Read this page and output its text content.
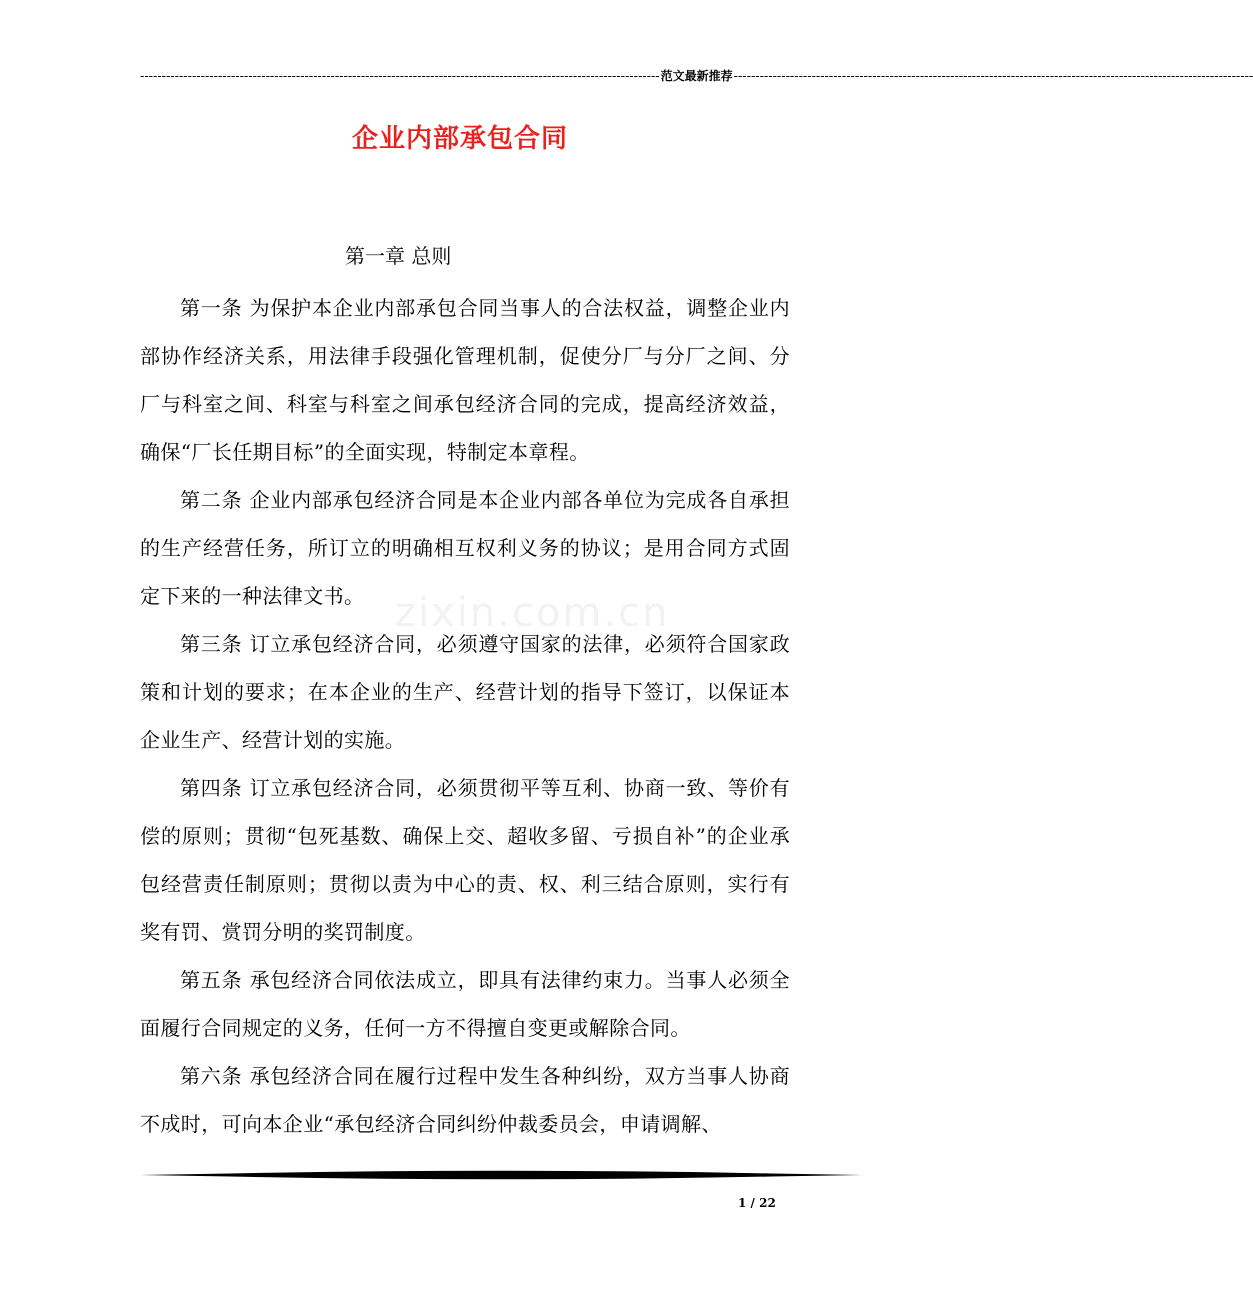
------------------------------------------------------------------------------------------------------------------------ 范文最新推荐 ------------------------------------------------------------------------------------------------------------------------
企业内部承包合同
第一章 总则
zixin.com.cn

第一条 为保护本企业内部承包合同当事人的合法权益，调整企业内部协作经济关系，用法律手段强化管理机制，促使分厂与分厂之间、分厂与科室之间、科室与科室之间承包经济合同的完成，提高经济效益，确保“厂长任期目标”的全面实现，特制定本章程。

第二条 企业内部承包经济合同是本企业内部各单位为完成各自承担的生产经营任务，所订立的明确相互权利义务的协议；是用合同方式固定下来的一种法律文书。

第三条 订立承包经济合同，必须遵守国家的法律，必须符合国家政策和计划的要求；在本企业的生产、经营计划的指导下签订，以保证本企业生产、经营计划的实施。

第四条 订立承包经济合同，必须贯彻平等互利、协商一致、等价有偿的原则；贯彻“包死基数、确保上交、超收多留、亏损自补”的企业承包经营责任制原则；贯彻以责为中心的责、权、利三结合原则，实行有奖有罚、赏罚分明的奖罚制度。

第五条 承包经济合同依法成立，即具有法律约束力。当事人必须全面履行合同规定的义务，任何一方不得擅自变更或解除合同。

第六条 承包经济合同在履行过程中发生各种纠纷，双方当事人协商不成时，可向本企业“承包经济合同纠纷仲裁委员会，申请调解、

1 / 22
